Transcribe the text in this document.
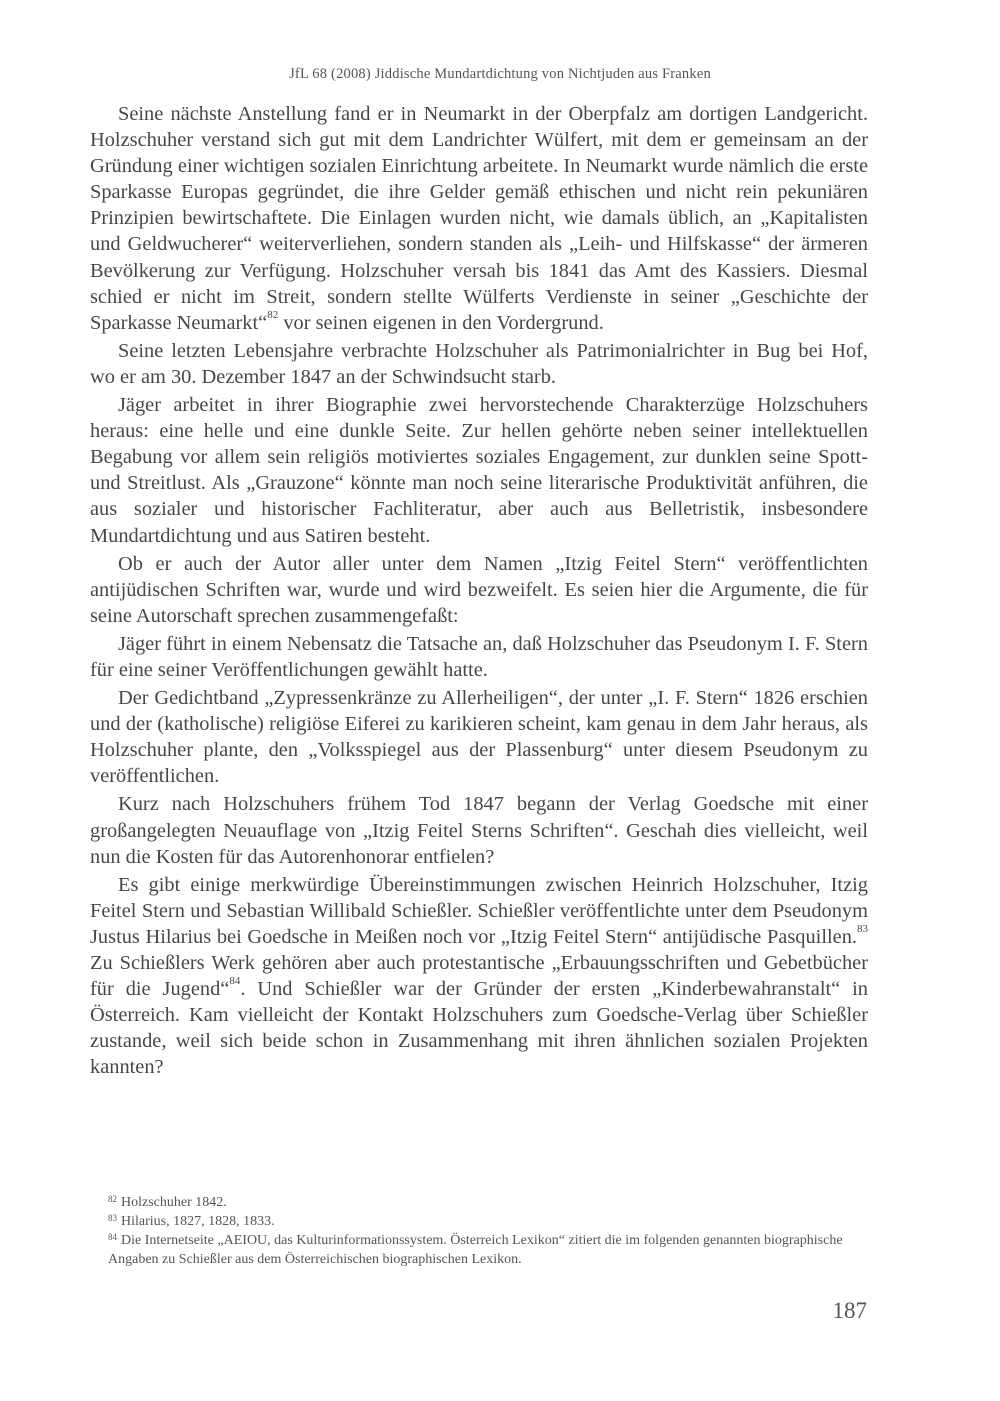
JfL 68 (2008) Jiddische Mundartdichtung von Nichtjuden aus Franken

Seine nächste Anstellung fand er in Neumarkt in der Oberpfalz am dortigen Landgericht. Holzschuher verstand sich gut mit dem Landrichter Wülfert, mit dem er gemeinsam an der Gründung einer wichtigen sozialen Einrichtung arbeitete. In Neumarkt wurde nämlich die erste Sparkasse Europas gegründet, die ihre Gelder gemäß ethischen und nicht rein pekuniären Prinzipien bewirtschaftete. Die Einlagen wurden nicht, wie damals üblich, an „Kapitalisten und Geldwucherer“ weiterverliehen, sondern standen als „Leih- und Hilfskasse“ der ärmeren Bevölkerung zur Verfügung. Holzschuher versah bis 1841 das Amt des Kassiers. Diesmal schied er nicht im Streit, sondern stellte Wülferts Verdienste in seiner „Geschichte der Sparkasse Neumarkt“$^{82}$ vor seinen eigenen in den Vordergrund.

Seine letzten Lebensjahre verbrachte Holzschuher als Patrimonialrichter in Bug bei Hof, wo er am 30. Dezember 1847 an der Schwindsucht starb.

Jäger arbeitet in ihrer Biographie zwei hervorstechende Charakterzüge Holzschuhers heraus: eine helle und eine dunkle Seite. Zur hellen gehörte neben seiner intellektuellen Begabung vor allem sein religiös motiviertes soziales Engagement, zur dunklen seine Spott- und Streitlust. Als „Grauzone“ könnte man noch seine literarische Produktivität anführen, die aus sozialer und historischer Fachliteratur, aber auch aus Belletristik, insbesondere Mundartdichtung und aus Satiren besteht.

Ob er auch der Autor aller unter dem Namen „Itzig Feitel Stern“ veröffentlichten antijüdischen Schriften war, wurde und wird bezweifelt. Es seien hier die Argumente, die für seine Autorschaft sprechen zusammengefaßt:

Jäger führt in einem Nebensatz die Tatsache an, daß Holzschuher das Pseudonym I. F. Stern für eine seiner Veröffentlichungen gewählt hatte.

Der Gedichtband „Zypressenkränze zu Allerheiligen“, der unter „I. F. Stern“ 1826 erschien und der (katholische) religiöse Eiferei zu karikieren scheint, kam genau in dem Jahr heraus, als Holzschuher plante, den „Volksspiegel aus der Plassenburg“ unter diesem Pseudonym zu veröffentlichen.

Kurz nach Holzschuhers frühem Tod 1847 begann der Verlag Goedsche mit einer großangelegten Neuauflage von „Itzig Feitel Sterns Schriften“. Geschah dies vielleicht, weil nun die Kosten für das Autorenhonorar entfielen?

Es gibt einige merkwürdige Übereinstimmungen zwischen Heinrich Holzschuher, Itzig Feitel Stern und Sebastian Willibald Schießler. Schießler veröffentlichte unter dem Pseudonym Justus Hilarius bei Goedsche in Meißen noch vor „Itzig Feitel Stern“ antijüdische Pasquillen.$^{83}$ Zu Schießlers Werk gehören aber auch protestantische „Erbauungsschriften und Gebetbücher für die Jugend“$^{84}$. Und Schießler war der Gründer der ersten „Kinderbewahranstalt“ in Österreich. Kam vielleicht der Kontakt Holzschuhers zum Goedsche-Verlag über Schießler zustande, weil sich beide schon in Zusammenhang mit ihren ähnlichen sozialen Projekten kannten?

$^{82}$ Holzschuher 1842.
$^{83}$ Hilarius, 1827, 1828, 1833.
$^{84}$ Die Internetseite „AEIOU, das Kulturinformationssystem. Österreich Lexikon“ zitiert die im folgenden genannten biographische Angaben zu Schießler aus dem Österreichischen biographischen Lexikon.
187
